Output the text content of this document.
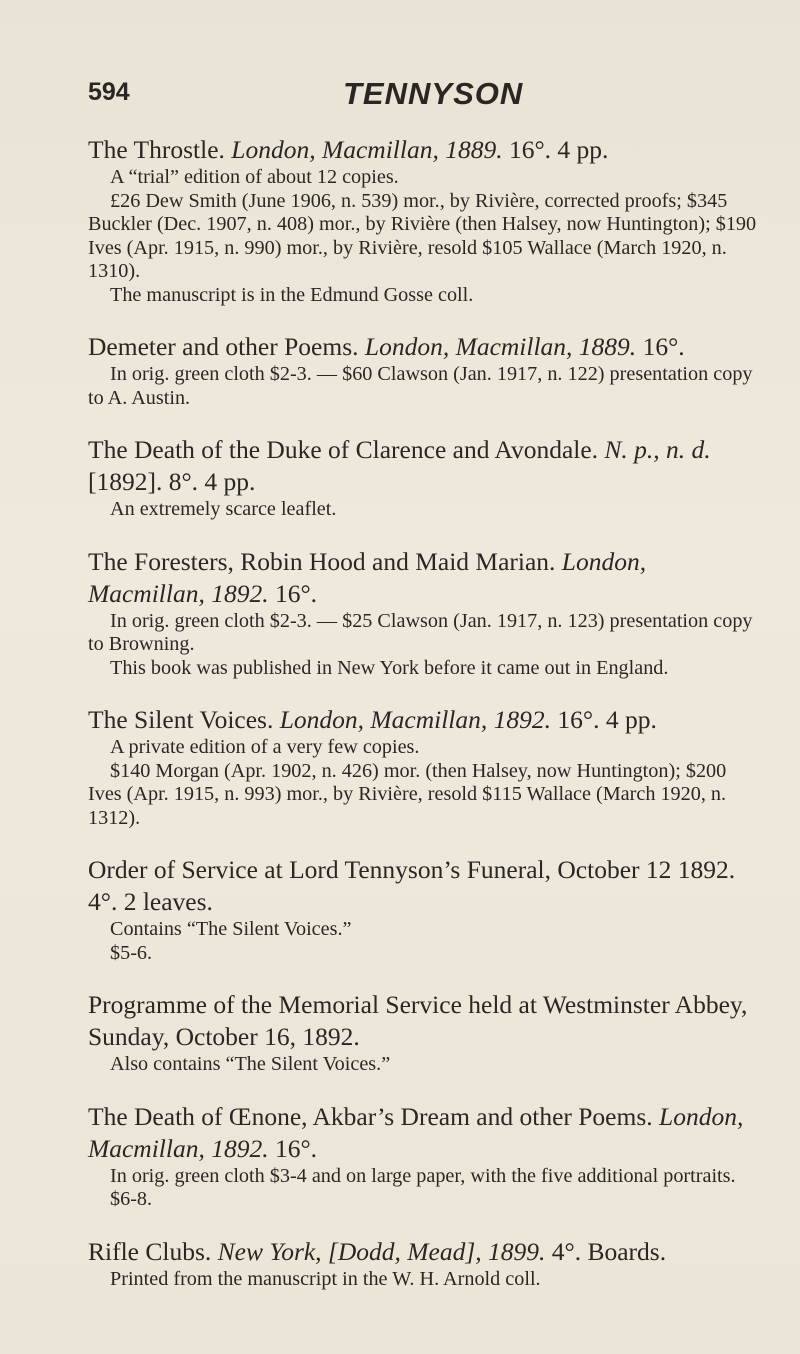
594	TENNYSON
The Throstle. London, Macmillan, 1889. 16°. 4 pp.

A “trial” edition of about 12 copies.

£26 Dew Smith (June 1906, n. 539) mor., by Rivière, corrected proofs; $345 Buckler (Dec. 1907, n. 408) mor., by Rivière (then Halsey, now Huntington); $190 Ives (Apr. 1915, n. 990) mor., by Rivière, resold $105 Wallace (March 1920, n. 1310).

The manuscript is in the Edmund Gosse coll.

Demeter and other Poems. London, Macmillan, 1889. 16°.

In orig. green cloth $2-3. — $60 Clawson (Jan. 1917, n. 122) presentation copy to A. Austin.

The Death of the Duke of Clarence and Avondale. N. p., n. d. [1892]. 8°. 4 pp.

An extremely scarce leaflet.

The Foresters, Robin Hood and Maid Marian. London, Macmillan, 1892. 16°.

In orig. green cloth $2-3. — $25 Clawson (Jan. 1917, n. 123) presentation copy to Browning.

This book was published in New York before it came out in England.

The Silent Voices. London, Macmillan, 1892. 16°. 4 pp.

A private edition of a very few copies.

$140 Morgan (Apr. 1902, n. 426) mor. (then Halsey, now Huntington); $200 Ives (Apr. 1915, n. 993) mor., by Rivière, resold $115 Wallace (March 1920, n. 1312).

Order of Service at Lord Tennyson’s Funeral, October 12 1892. 4°. 2 leaves.

Contains “The Silent Voices.”

$5-6.

Programme of the Memorial Service held at Westminster Abbey, Sunday, October 16, 1892.

Also contains “The Silent Voices.”

The Death of Œnone, Akbar’s Dream and other Poems. London, Macmillan, 1892. 16°.

In orig. green cloth $3-4 and on large paper, with the five additional portraits.

$6-8.

Rifle Clubs. New York, [Dodd, Mead], 1899. 4°. Boards.

Printed from the manuscript in the W. H. Arnold coll.
